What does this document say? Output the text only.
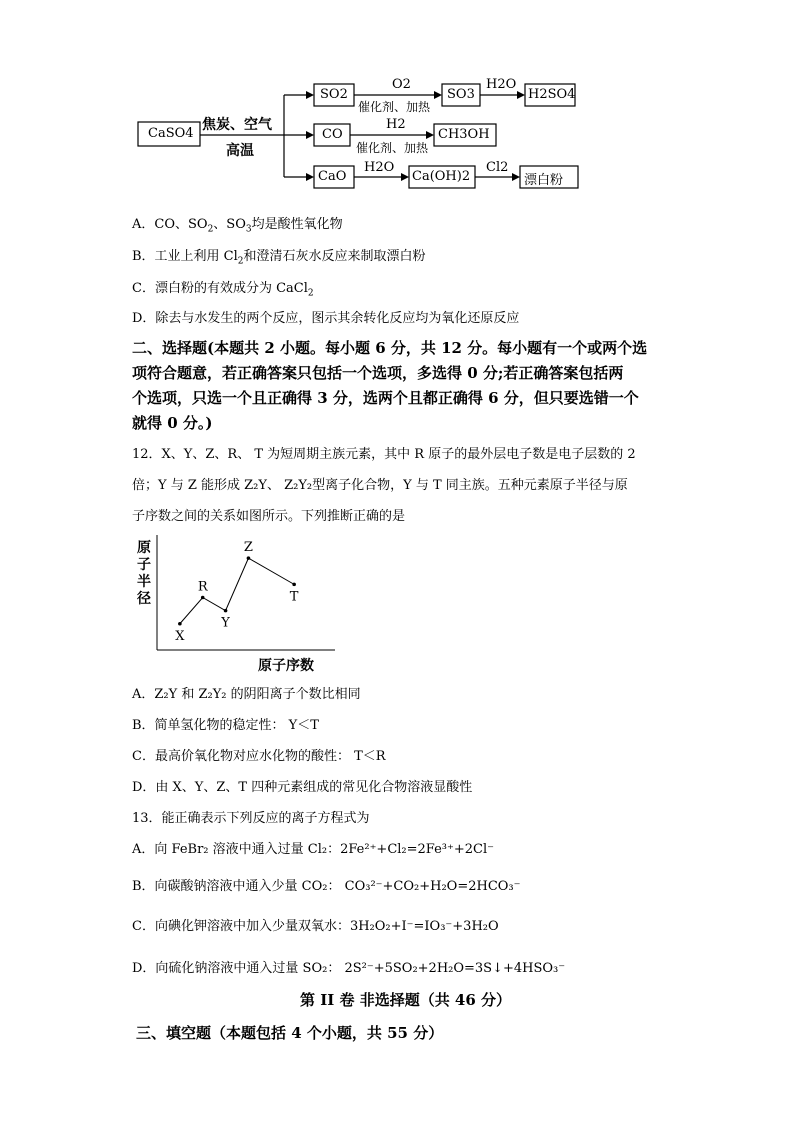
CaSO4
焦炭、空气
高温
SO2
O2
催化剂、加热
SO3
H2O
H2SO4
CO
H2
催化剂、加热
CH3OH
CaO
H2O
Ca(OH)2
Cl2
漂白粉
A．CO、$SO_2$、$SO_3$均是酸性氧化物
B．工业上利用 $Cl_2$和澄清石灰水反应来制取漂白粉
C．漂白粉的有效成分为 CaCl$_2$
D．除去与水发生的两个反应，图示其余转化反应均为氧化还原反应
二、选择题(本题共 2 小题。每小题 6 分，共 12 分。每小题有一个或两个选
项符合题意，若正确答案只包括一个选项，多选得 0 分;若正确答案包括两
个选项，只选一个且正确得 3 分，选两个且都正确得 6 分，但只要选错一个
就得 0 分。)
12．X、Y、Z、R、 T 为短周期主族元素，其中 R 原子的最外层电子数是电子层数的 2
倍；Y 与 Z 能形成 Z₂Y、 Z₂Y₂型离子化合物，Y 与 T 同主族。五种元素原子半径与原
子序数之间的关系如图所示。下列推断正确的是
X
R
Y
Z
T
原子半径
原子序数
A．Z₂Y 和 Z₂Y₂ 的阴阳离子个数比相同
B．简单氢化物的稳定性： Y＜T
C．最高价氧化物对应水化物的酸性： T＜R
D．由 X、Y、Z、T 四种元素组成的常见化合物溶液显酸性
13．能正确表示下列反应的离子方程式为
A．向 FeBr₂ 溶液中通入过量 Cl₂：2Fe²⁺+Cl₂=2Fe³⁺+2Cl⁻
B．向碳酸钠溶液中通入少量 CO₂： CO₃²⁻+CO₂+H₂O=2HCO₃⁻
C．向碘化钾溶液中加入少量双氧水：3H₂O₂+I⁻=IO₃⁻+3H₂O
D．向硫化钠溶液中通入过量 SO₂： 2S²⁻+5SO₂+2H₂O=3S↓+4HSO₃⁻
第 II 卷 非选择题（共 46 分）
三、填空题（本题包括 4 个小题，共 55 分）
